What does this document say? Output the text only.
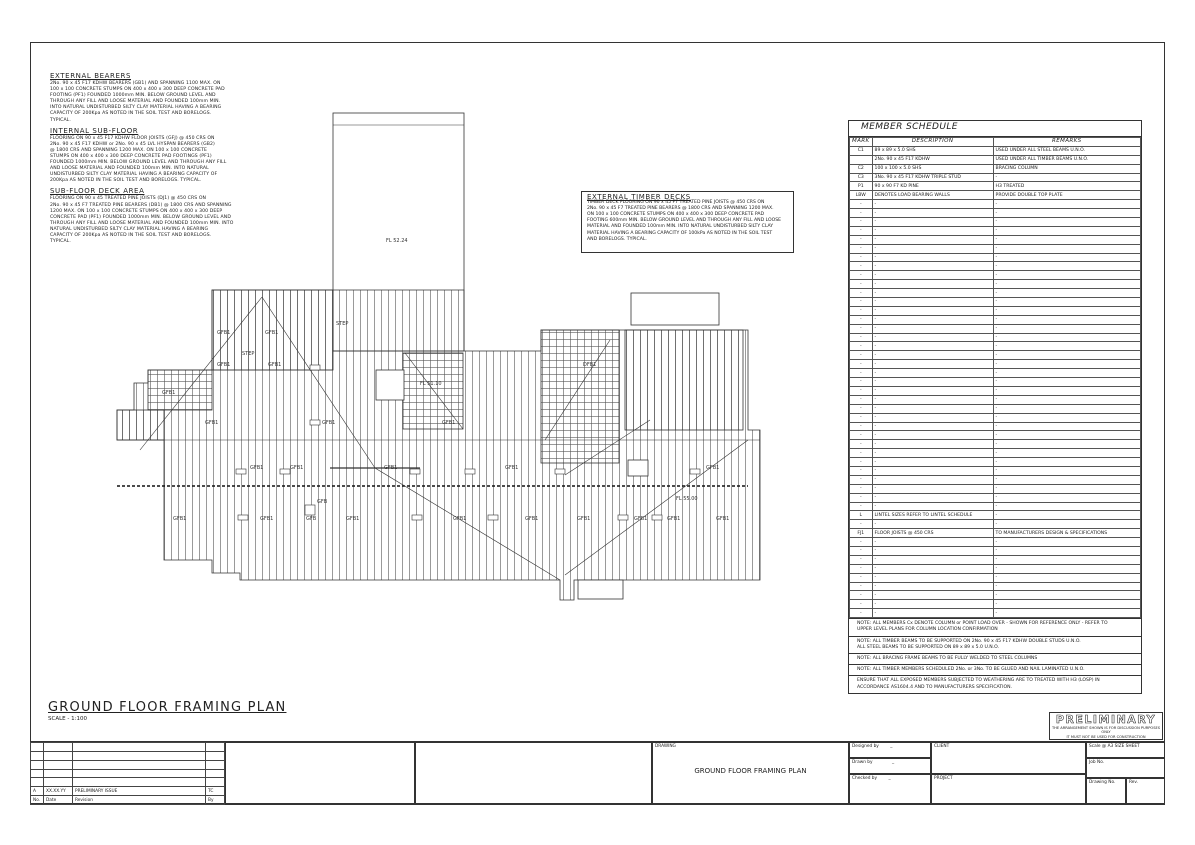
EXTERNAL BEARERS

2No. 90 x 45 F17 KDHW BEARERS (GB1) AND SPANNING 1100 MAX. ON
100 x 100 CONCRETE STUMPS ON 400 x 400 x 300 DEEP CONCRETE PAD
FOOTING (PF1) FOUNDED 1000mm MIN. BELOW GROUND LEVEL AND
THROUGH ANY FILL AND LOOSE MATERIAL AND FOUNDED 100mm MIN.
INTO NATURAL UNDISTURBED SILTY CLAY MATERIAL HAVING A BEARING
CAPACITY OF 200Kpa AS NOTED IN THE SOIL TEST AND BORELOGS.
TYPICAL.

INTERNAL SUB-FLOOR

FLOORING ON 90 x 45 F17 KDHW FLOOR JOISTS (GFJ) @ 450 CRS ON
2No. 90 x 45 F17 KDHW or 2No. 90 x 45 LVL HYSPAN BEARERS (GB2)
@ 1800 CRS AND SPANNING 1200 MAX. ON 100 x 100 CONCRETE
STUMPS ON 400 x 400 x 300 DEEP CONCRETE PAD FOOTINGS (PF1)
FOUNDED 1000mm MIN. BELOW GROUND LEVEL AND THROUGH ANY FILL
AND LOOSE MATERIAL AND FOUNDED 100mm MIN. INTO NATURAL
UNDISTURBED SILTY CLAY MATERIAL HAVING A BEARING CAPACITY OF
200Kpa AS NOTED IN THE SOIL TEST AND BORELOGS. TYPICAL.

SUB-FLOOR DECK AREA

FLOORING ON 90 x 45 TREATED PINE JOISTS (DJ1) @ 450 CRS ON
2No. 90 x 45 F7 TREATED PINE BEARERS (DB1) @ 1800 CRS AND SPANNING
1200 MAX. ON 100 x 100 CONCRETE STUMPS ON 400 x 400 x 300 DEEP
CONCRETE PAD (PF1) FOUNDED 1000mm MIN. BELOW GROUND LEVEL AND
THROUGH ANY FILL AND LOOSE MATERIAL AND FOUNDED 100mm MIN. INTO
NATURAL UNDISTURBED SILTY CLAY MATERIAL HAVING A BEARING
CAPACITY OF 200Kpa AS NOTED IN THE SOIL TEST AND BORELOGS.
TYPICAL.

EXTERNAL TIMBER DECKS

TIMBER DECK FLOORING ON 90 x 45 F7 TREATED PINE JOISTS @ 450 CRS ON
2No. 90 x 45 F7 TREATED PINE BEARERS @ 1800 CRS AND SPANNING 1200 MAX.
ON 100 x 100 CONCRETE STUMPS ON 400 x 400 x 300 DEEP CONCRETE PAD
FOOTING 600mm MIN. BELOW GROUND LEVEL AND THROUGH ANY FILL AND LOOSE
MATERIAL AND FOUNDED 100mm MIN. INTO NATURAL UNDISTURBED SILTY CLAY
MATERIAL HAVING A BEARING CAPACITY OF 100kPa AS NOTED IN THE SOIL TEST
AND BORELOGS. TYPICAL.

FL 52.24
FL 51.10
FL 55.00
STEP
STEP
GFB1	GFB1
GFB1
GFB1
GFB1
GFB1	GFB1
GFB1	GFB1	GFB1	GFB1	GFB1
GFB1	GFB1	GFB1	GFB1	GFB1	GFB1	GFB1	GFB1	GFB1
GFB1	DFB1
GFB
GFB
MEMBER SCHEDULE
MARK	DESCRIPTION	REMARKS
C1	89 x 89 x 5.0 SHS	USED UNDER ALL STEEL BEAMS U.N.O.
	2No. 90 x 45 F17 KDHW	USED UNDER ALL TIMBER BEAMS U.N.O.
C2	100 x 100 x 5.0 SHS	BRACING COLUMN
C3	3No. 90 x 45 F17 KDHW TRIPLE STUD	-
P1	90 x 90 F7 KD PINE	H3 TREATED
LBW	DENOTES LOAD BEARING WALLS	PROVIDE DOUBLE TOP PLATE
-	-	-
-	-	-
-	-	-
-	-	-
-	-	-
-	-	-
-	-	-
-	-	-
-	-	-
-	-	-
-	-	-
-	-	-
-	-	-
-	-	-
-	-	-
-	-	-
-	-	-
-	-	-
-	-	-
-	-	-
-	-	-
-	-	-
-	-	-
-	-	-
-	-	-
-	-	-
-	-	-
-	-	-
-	-	-
-	-	-
-	-	-
-	-	-
-	-	-
-	-	-
-	-	-
L	LINTEL SIZES REFER TO LINTEL SCHEDULE	-
-	-	-
FJ1	FLOOR JOISTS @ 450 CRS	TO MANUFACTURERS DESIGN & SPECIFICATIONS
-	-	-
-	-	-
-	-	-
-	-	-
-	-	-
-	-	-
-	-	-
-	-	-
-	-	-
NOTE: ALL MEMBERS Cx DENOTE COLUMN or POINT LOAD OVER - SHOWN FOR REFERENCE ONLY - REFER TO
UPPER LEVEL PLANS FOR COLUMN LOCATION CONFIRMATION
NOTE: ALL TIMBER BEAMS TO BE SUPPORTED ON 2No. 90 x 45 F17 KDHW DOUBLE STUDS U.N.O.
ALL STEEL BEAMS TO BE SUPPORTED ON 89 x 89 x 5.0 U.N.O.
NOTE: ALL BRACING FRAME BEAMS TO BE FULLY WELDED TO STEEL COLUMNS
NOTE: ALL TIMBER MEMBERS SCHEDULED 2No. or 3No. TO BE GLUED AND NAIL LAMINATED U.N.O.
ENSURE THAT ALL EXPOSED MEMBERS SUBJECTED TO WEATHERING ARE TO TREATED WITH H3 (LOSP) IN
ACCORDANCE AS1604.4 AND TO MANUFACTURERS SPECIFICATION.
GROUND FLOOR FRAMING PLAN
SCALE - 1:100	PRELIMINARY
THE ARRANGEMENT SHOWN IS FOR DISCUSSION PURPOSES ONLY
IT MUST NOT BE USED FOR CONSTRUCTION

A	XX.XX.YY	PRELIMINARY ISSUE	TC
No.	Date	Revision	By
DRAWING
GROUND FLOOR FRAMING PLAN
Designed by	_
Drawn by	_
Checked by	_
CLIENT
PROJECT
Scale @ A3 SIZE SHEET
Job No.
Drawing No.	Rev.
